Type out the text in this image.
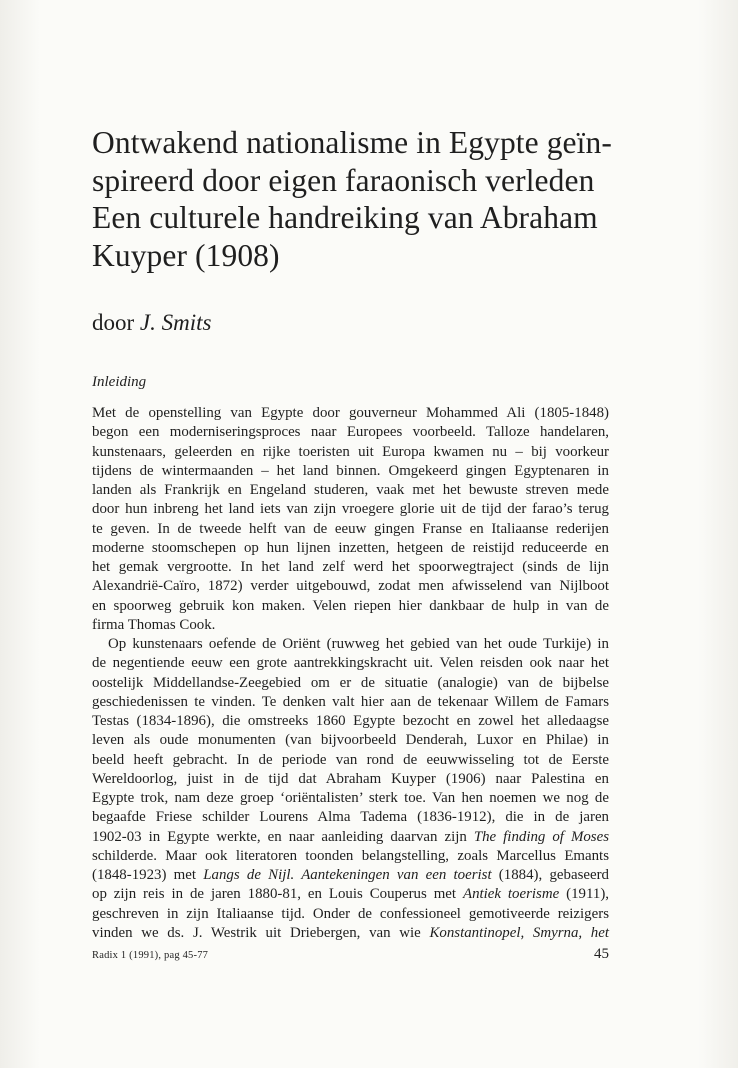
Ontwakend nationalisme in Egypte geïn-
spireerd door eigen faraonisch verleden
Een culturele handreiking van Abraham
Kuyper (1908)
door J. Smits
Inleiding
Met de openstelling van Egypte door gouverneur Mohammed Ali (1805-1848)
begon een moderniseringsproces naar Europees voorbeeld. Talloze handelaren,
kunstenaars, geleerden en rijke toeristen uit Europa kwamen nu – bij voorkeur
tijdens de wintermaanden – het land binnen. Omgekeerd gingen Egyptenaren in
landen als Frankrijk en Engeland studeren, vaak met het bewuste streven mede
door hun inbreng het land iets van zijn vroegere glorie uit de tijd der farao’s terug
te geven. In de tweede helft van de eeuw gingen Franse en Italiaanse rederijen
moderne stoomschepen op hun lijnen inzetten, hetgeen de reistijd reduceerde en
het gemak vergrootte. In het land zelf werd het spoorwegtraject (sinds de lijn
Alexandrië-Caïro, 1872) verder uitgebouwd, zodat men afwisselend van Nijlboot
en spoorweg gebruik kon maken. Velen riepen hier dankbaar de hulp in van de
firma Thomas Cook.
Op kunstenaars oefende de Oriënt (ruwweg het gebied van het oude Turkije) in
de negentiende eeuw een grote aantrekkingskracht uit. Velen reisden ook naar het
oostelijk Middellandse-Zeegebied om er de situatie (analogie) van de bijbelse
geschiedenissen te vinden. Te denken valt hier aan de tekenaar Willem de Famars
Testas (1834-1896), die omstreeks 1860 Egypte bezocht en zowel het alledaagse
leven als oude monumenten (van bijvoorbeeld Denderah, Luxor en Philae) in
beeld heeft gebracht. In de periode van rond de eeuwwisseling tot de Eerste
Wereldoorlog, juist in de tijd dat Abraham Kuyper (1906) naar Palestina en
Egypte trok, nam deze groep ‘oriëntalisten’ sterk toe. Van hen noemen we nog de
begaafde Friese schilder Lourens Alma Tadema (1836-1912), die in de jaren
1902-03 in Egypte werkte, en naar aanleiding daarvan zijn The finding of Moses
schilderde. Maar ook literatoren toonden belangstelling, zoals Marcellus Emants
(1848-1923) met Langs de Nijl. Aantekeningen van een toerist (1884), gebaseerd
op zijn reis in de jaren 1880-81, en Louis Couperus met Antiek toerisme (1911),
geschreven in zijn Italiaanse tijd. Onder de confessioneel gemotiveerde reizigers
vinden we ds. J. Westrik uit Driebergen, van wie Konstantinopel, Smyrna, het
Radix 1 (1991), pag 45-77	45
